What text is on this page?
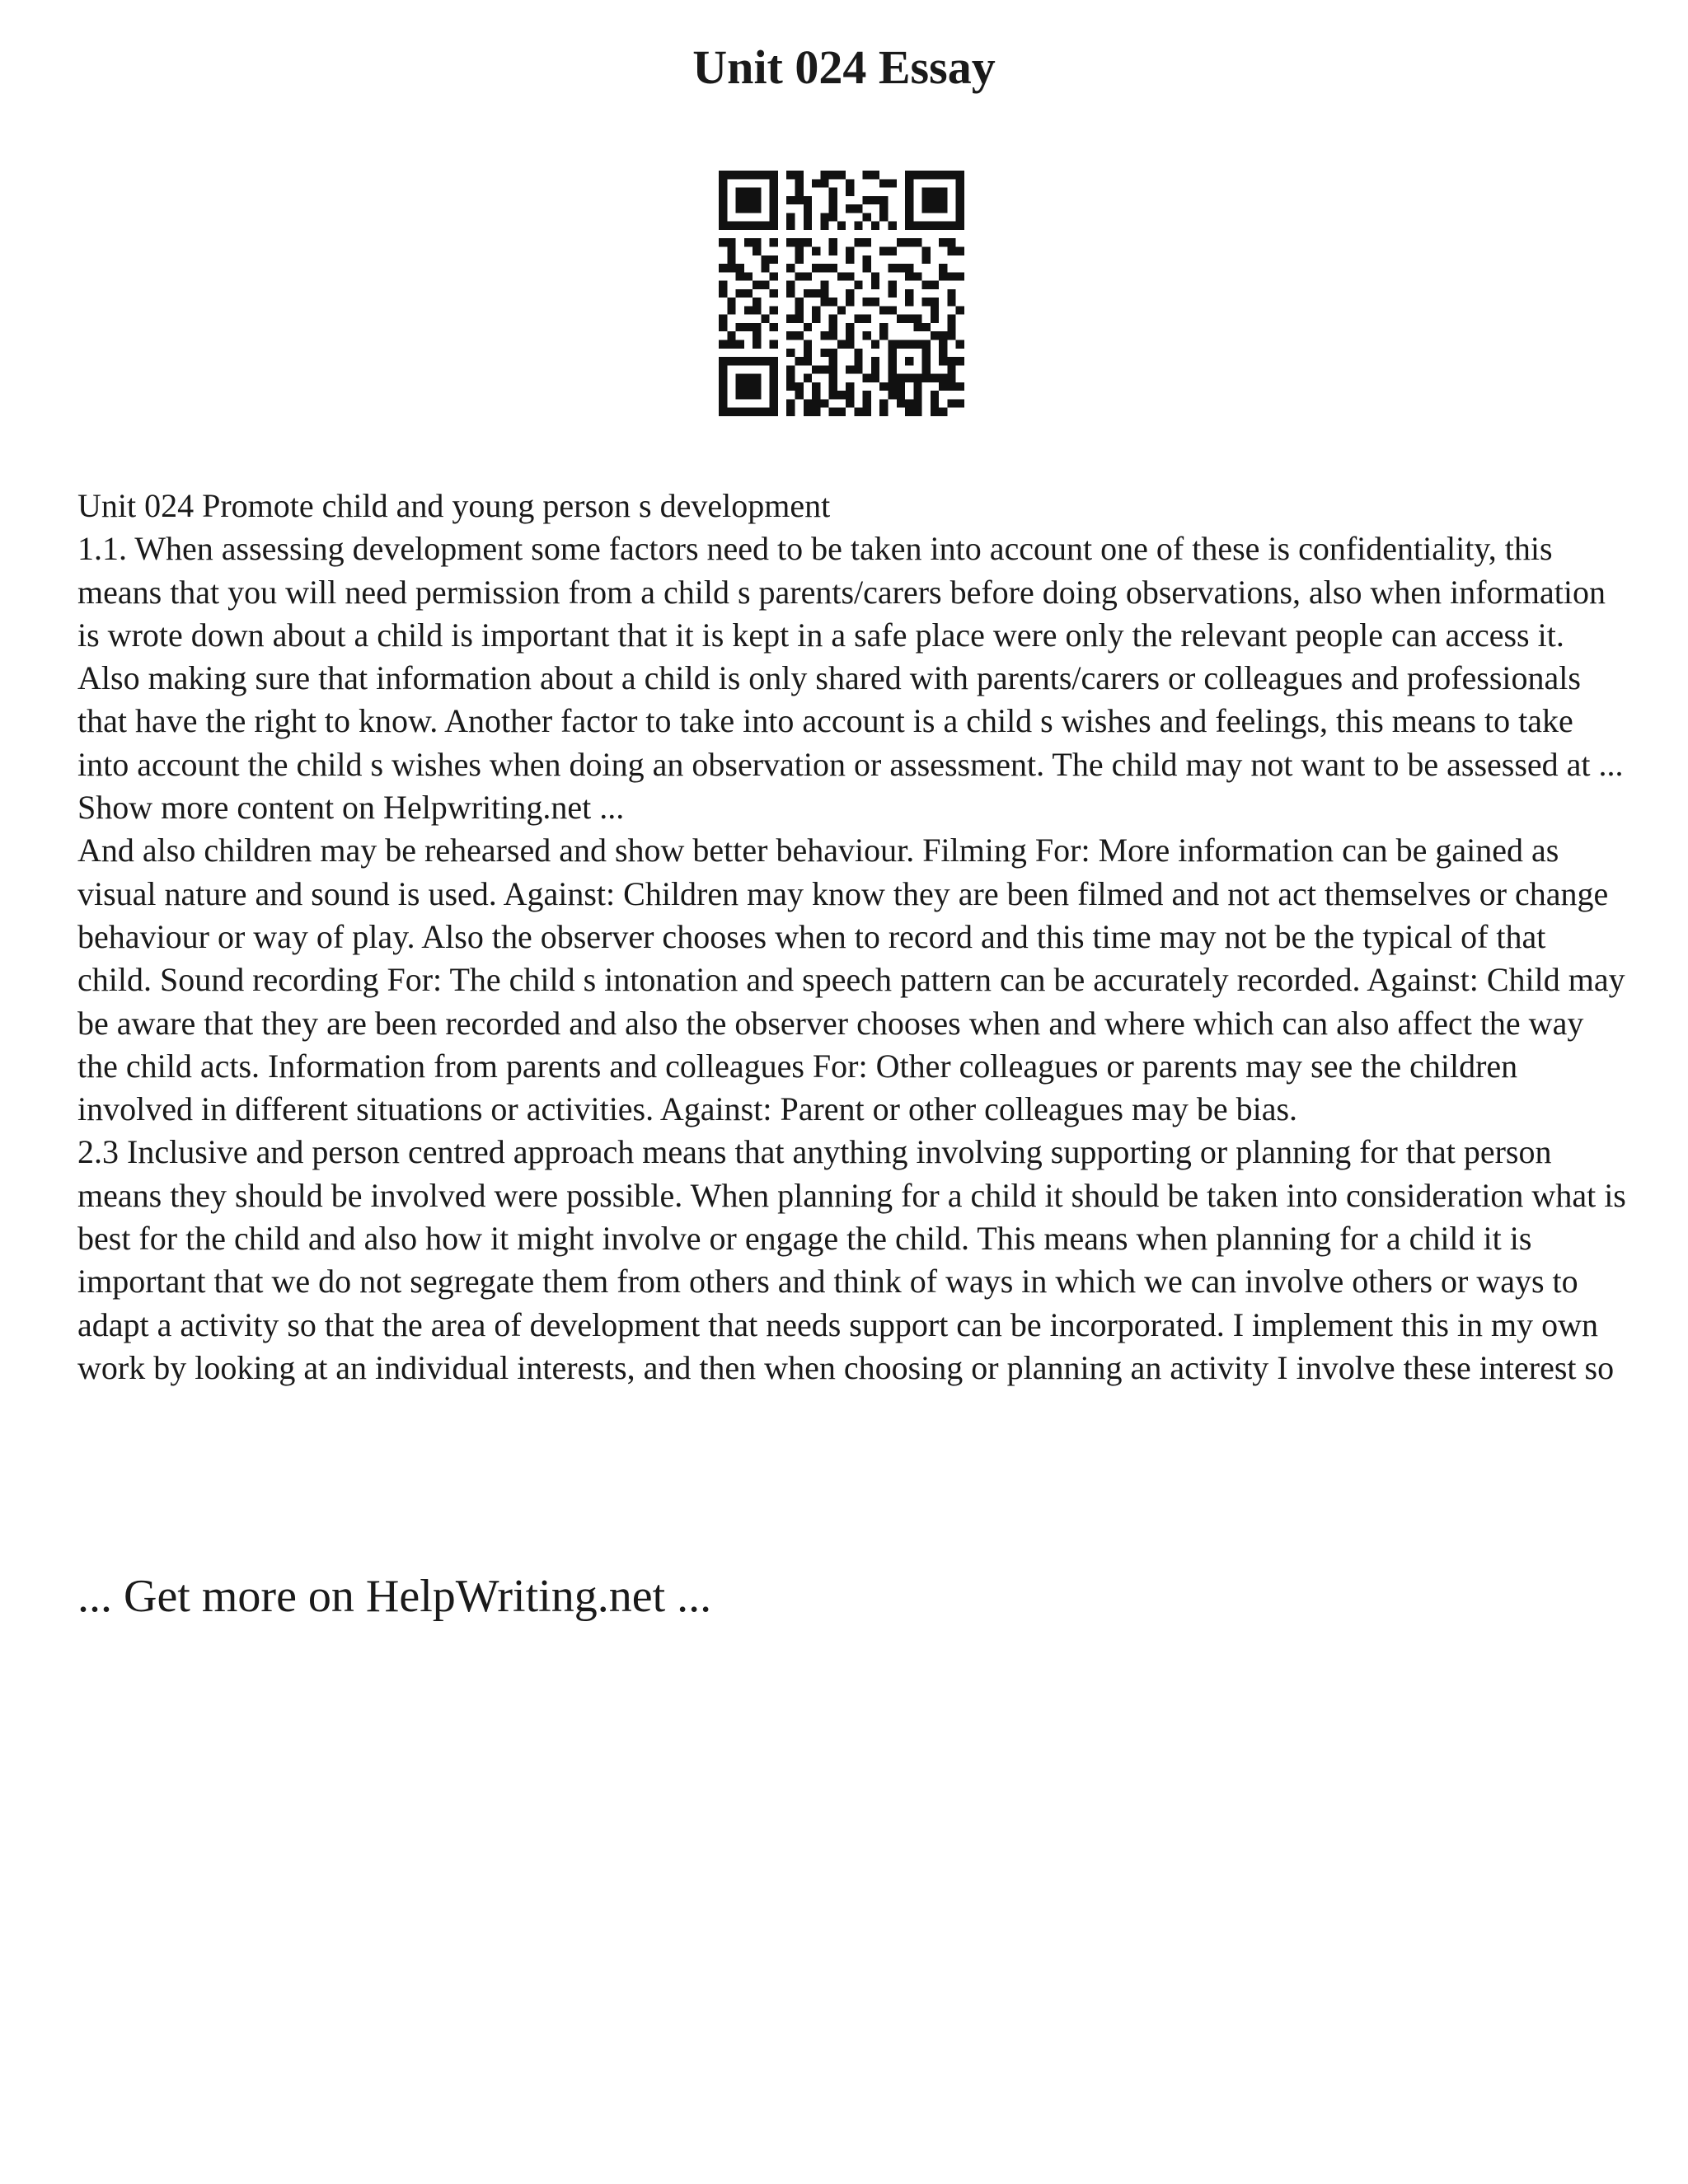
Unit 024 Essay

Unit 024 Promote child and young person s development

1.1. When assessing development some factors need to be taken into account one of these is confidentiality, this means that you will need permission from a child s parents/carers before doing observations, also when information is wrote down about a child is important that it is kept in a safe place were only the relevant people can access it. Also making sure that information about a child is only shared with parents/carers or colleagues and professionals that have the right to know. Another factor to take into account is a child s wishes and feelings, this means to take into account the child s wishes when doing an observation or assessment. The child may not want to be assessed at ... Show more content on Helpwriting.net ...

And also children may be rehearsed and show better behaviour. Filming For: More information can be gained as visual nature and sound is used. Against: Children may know they are been filmed and not act themselves or change behaviour or way of play. Also the observer chooses when to record and this time may not be the typical of that child. Sound recording For: The child s intonation and speech pattern can be accurately recorded. Against: Child may be aware that they are been recorded and also the observer chooses when and where which can also affect the way the child acts. Information from parents and colleagues For: Other colleagues or parents may see the children involved in different situations or activities. Against: Parent or other colleagues may be bias.

2.3 Inclusive and person centred approach means that anything involving supporting or planning for that person means they should be involved were possible. When planning for a child it should be taken into consideration what is best for the child and also how it might involve or engage the child. This means when planning for a child it is important that we do not segregate them from others and think of ways in which we can involve others or ways to adapt a activity so that the area of development that needs support can be incorporated. I implement this in my own work by looking at an individual interests, and then when choosing or planning an activity I involve these interest so

... Get more on HelpWriting.net ...
